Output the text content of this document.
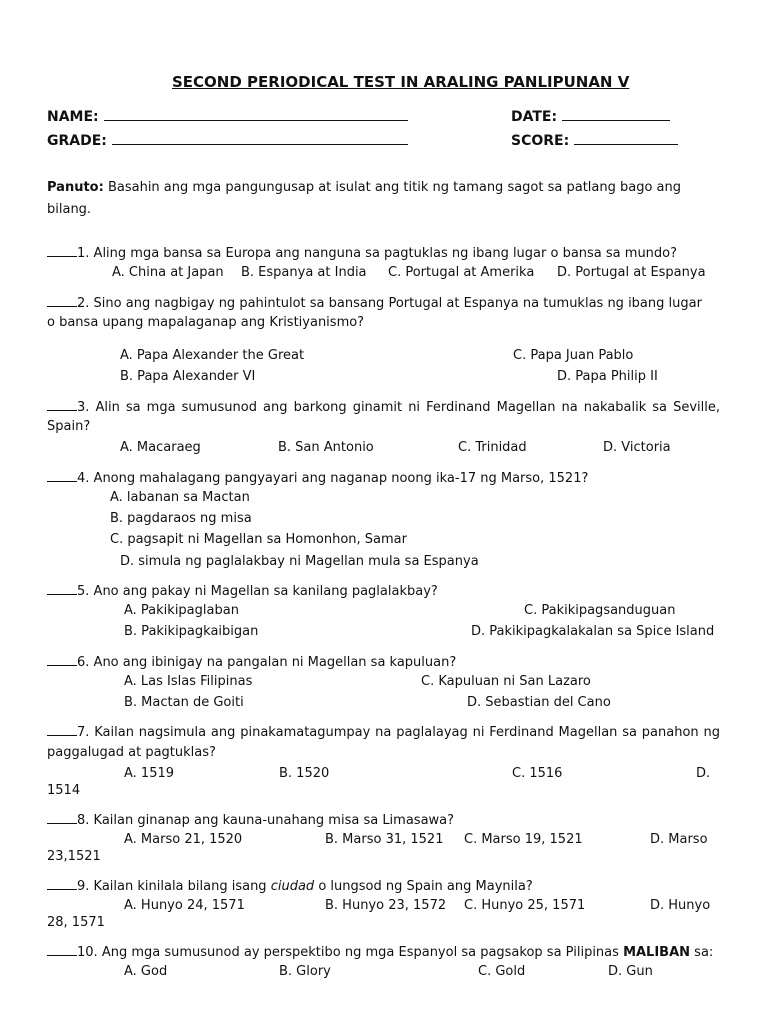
SECOND PERIODICAL TEST IN ARALING PANLIPUNAN V
NAME:	DATE:
GRADE:	SCORE:
Panuto: Basahin ang mga pangungusap at isulat ang titik ng tamang sagot sa patlang bago ang
bilang.
1. Aling mga bansa sa Europa ang nanguna sa pagtuklas ng ibang lugar o bansa sa mundo?
A. China at Japan B. Espanya at India C. Portugal at Amerika D. Portugal at Espanya
2. Sino ang nagbigay ng pahintulot sa bansang Portugal at Espanya na tumuklas ng ibang lugar
o bansa upang mapalaganap ang Kristiyanismo?
A. Papa Alexander the Great	C. Papa Juan Pablo
B. Papa Alexander VI	D. Papa Philip II
3. Alin sa mga sumusunod ang barkong ginamit ni Ferdinand Magellan na nakabalik sa Seville,
Spain?
A. Macaraeg	B. San Antonio	C. Trinidad	D. Victoria
4. Anong mahalagang pangyayari ang naganap noong ika-17 ng Marso, 1521?
A. labanan sa Mactan
B. pagdaraos ng misa
C. pagsapit ni Magellan sa Homonhon, Samar
D. simula ng paglalakbay ni Magellan mula sa Espanya
5. Ano ang pakay ni Magellan sa kanilang paglalakbay?
A. Pakikipaglaban	C. Pakikipagsanduguan
B. Pakikipagkaibigan	D. Pakikipagkalakalan sa Spice Island
6. Ano ang ibinigay na pangalan ni Magellan sa kapuluan?
A. Las Islas Filipinas	C. Kapuluan ni San Lazaro
B. Mactan de Goiti	D. Sebastian del Cano
7. Kailan nagsimula ang pinakamatagumpay na paglalayag ni Ferdinand Magellan sa panahon ng
paggalugad at pagtuklas?
A. 1519	B. 1520	C. 1516	D.
1514
8. Kailan ginanap ang kauna-unahang misa sa Limasawa?
A. Marso 21, 1520	B. Marso 31, 1521 C. Marso 19, 1521	D. Marso
23,1521
9. Kailan kinilala bilang isang ciudad o lungsod ng Spain ang Maynila?
A. Hunyo 24, 1571	B. Hunyo 23, 1572 C. Hunyo 25, 1571	D. Hunyo
28, 1571
10. Ang mga sumusunod ay perspektibo ng mga Espanyol sa pagsakop sa Pilipinas MALIBAN sa:
A. God	B. Glory	C. Gold	D. Gun
